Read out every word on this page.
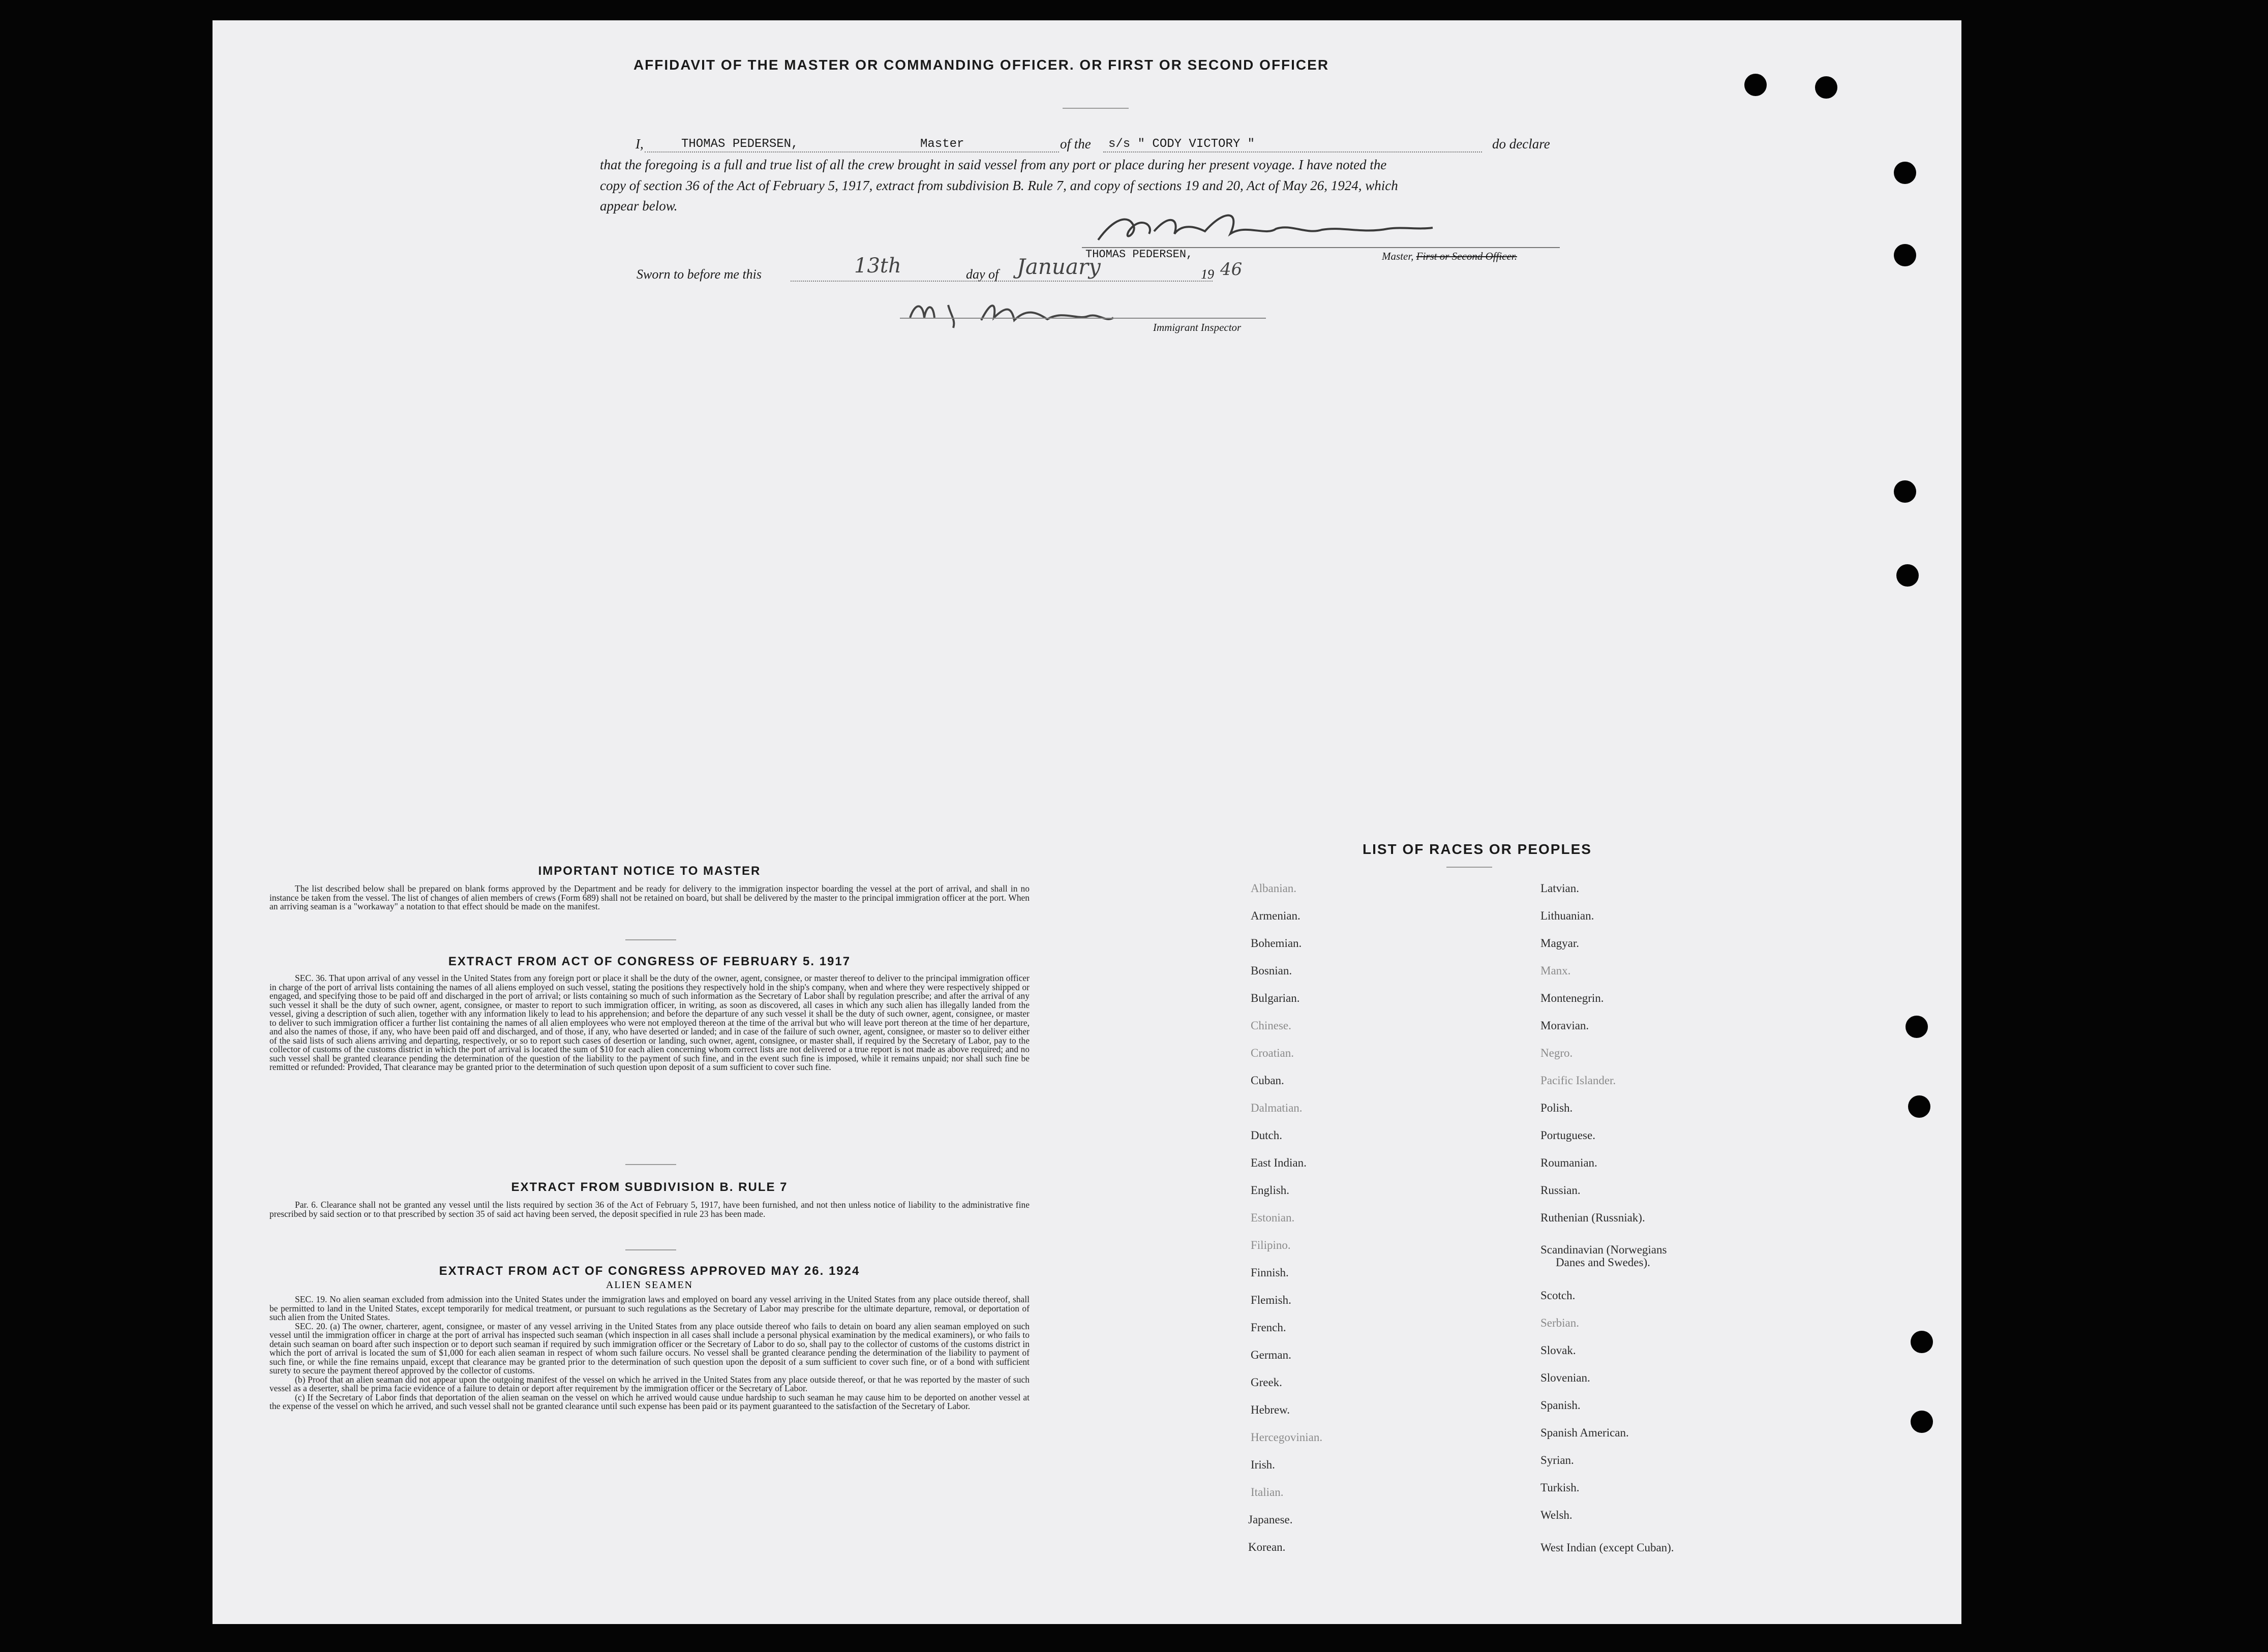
AFFIDAVIT OF THE MASTER OR COMMANDING OFFICER. OR FIRST OR SECOND OFFICER
I,	THOMAS PEDERSEN,	Master	of the s/s " CODY VICTORY "	do declare
that the foregoing is a full and true list of all the crew brought in said vessel from any port or place during her present voyage. I have noted the
copy of section 36 of the Act of February 5, 1917, extract from subdivision B. Rule 7, and copy of sections 19 and 20, Act of May 26, 1924, which
appear below.
THOMAS PEDERSEN,	Master, First or Second Officer.
Sworn to before me this	13th	day of January	19 46
Immigrant Inspector
IMPORTANT NOTICE TO MASTER

The list described below shall be prepared on blank forms approved by the Department and be ready for delivery to the immigration inspector boarding the vessel at the port of arrival, and shall in no instance be taken from the vessel. The list of changes of alien members of crews (Form 689) shall not be retained on board, but shall be delivered by the master to the principal immigration officer at the port. When an arriving seaman is a "workaway" a notation to that effect should be made on the manifest.

EXTRACT FROM ACT OF CONGRESS OF FEBRUARY 5. 1917

SEC. 36. That upon arrival of any vessel in the United States from any foreign port or place it shall be the duty of the owner, agent, consignee, or master thereof to deliver to the principal immigration officer in charge of the port of arrival lists containing the names of all aliens employed on such vessel, stating the positions they respectively hold in the ship's company, when and where they were respectively shipped or engaged, and specifying those to be paid off and discharged in the port of arrival; or lists containing so much of such information as the Secretary of Labor shall by regulation prescribe; and after the arrival of any such vessel it shall be the duty of such owner, agent, consignee, or master to report to such immigration officer, in writing, as soon as discovered, all cases in which any such alien has illegally landed from the vessel, giving a description of such alien, together with any information likely to lead to his apprehension; and before the departure of any such vessel it shall be the duty of such owner, agent, consignee, or master to deliver to such immigration officer a further list containing the names of all alien employees who were not employed thereon at the time of the arrival but who will leave port thereon at the time of her departure, and also the names of those, if any, who have been paid off and discharged, and of those, if any, who have deserted or landed; and in case of the failure of such owner, agent, consignee, or master so to deliver either of the said lists of such aliens arriving and departing, respectively, or so to report such cases of desertion or landing, such owner, agent, consignee, or master shall, if required by the Secretary of Labor, pay to the collector of customs of the customs district in which the port of arrival is located the sum of $10 for each alien concerning whom correct lists are not delivered or a true report is not made as above required; and no such vessel shall be granted clearance pending the determination of the question of the liability to the payment of such fine, and in the event such fine is imposed, while it remains unpaid; nor shall such fine be remitted or refunded: Provided, That clearance may be granted prior to the determination of such question upon deposit of a sum sufficient to cover such fine.

EXTRACT FROM SUBDIVISION B. RULE 7

Par. 6. Clearance shall not be granted any vessel until the lists required by section 36 of the Act of February 5, 1917, have been furnished, and not then unless notice of liability to the administrative fine prescribed by said section or to that prescribed by section 35 of said act having been served, the deposit specified in rule 23 has been made.

EXTRACT FROM ACT OF CONGRESS APPROVED MAY 26. 1924
ALIEN SEAMEN

SEC. 19. No alien seaman excluded from admission into the United States under the immigration laws and employed on board any vessel arriving in the United States from any place outside thereof, shall be permitted to land in the United States, except temporarily for medical treatment, or pursuant to such regulations as the Secretary of Labor may prescribe for the ultimate departure, removal, or deportation of such alien from the United States.

SEC. 20. (a) The owner, charterer, agent, consignee, or master of any vessel arriving in the United States from any place outside thereof who fails to detain on board any alien seaman employed on such vessel until the immigration officer in charge at the port of arrival has inspected such seaman (which inspection in all cases shall include a personal physical examination by the medical examiners), or who fails to detain such seaman on board after such inspection or to deport such seaman if required by such immigration officer or the Secretary of Labor to do so, shall pay to the collector of customs of the customs district in which the port of arrival is located the sum of $1,000 for each alien seaman in respect of whom such failure occurs. No vessel shall be granted clearance pending the determination of the liability to payment of such fine, or while the fine remains unpaid, except that clearance may be granted prior to the determination of such question upon the deposit of a sum sufficient to cover such fine, or of a bond with sufficient surety to secure the payment thereof approved by the collector of customs.

(b) Proof that an alien seaman did not appear upon the outgoing manifest of the vessel on which he arrived in the United States from any place outside thereof, or that he was reported by the master of such vessel as a deserter, shall be prima facie evidence of a failure to detain or deport after requirement by the immigration officer or the Secretary of Labor.

(c) If the Secretary of Labor finds that deportation of the alien seaman on the vessel on which he arrived would cause undue hardship to such seaman he may cause him to be deported on another vessel at the expense of the vessel on which he arrived, and such vessel shall not be granted clearance until such expense has been paid or its payment guaranteed to the satisfaction of the Secretary of Labor.

LIST OF RACES OR PEOPLES
Albanian.
Armenian.
Bohemian.
Bosnian.
Bulgarian.
Chinese.
Croatian.
Cuban.
Dalmatian.
Dutch.
East Indian.
English.
Estonian.
Filipino.
Finnish.
Flemish.
French.
German.
Greek.
Hebrew.
Hercegovinian.
Irish.
Italian.
Japanese.
Korean.
Latvian.
Lithuanian.
Magyar.
Manx.
Montenegrin.
Moravian.
Negro.
Pacific Islander.
Polish.
Portuguese.
Roumanian.
Russian.
Ruthenian (Russniak).
Scandinavian (Norwegians
Danes and Swedes).
Scotch.
Serbian.
Slovak.
Slovenian.
Spanish.
Spanish American.
Syrian.
Turkish.
Welsh.
West Indian (except Cuban).
